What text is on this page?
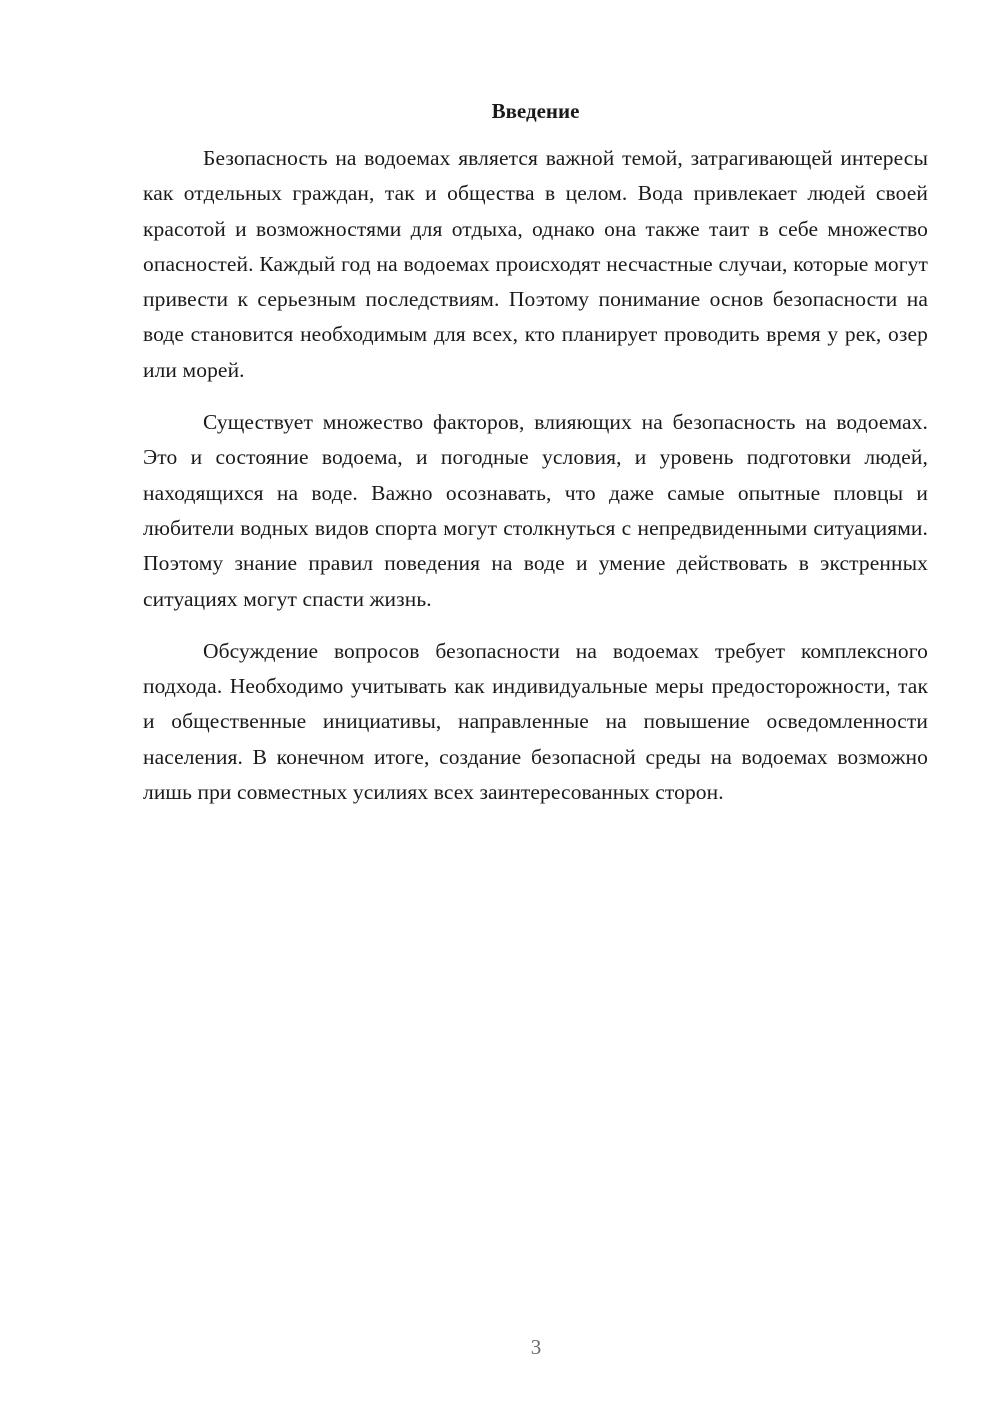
Введение

Безопасность на водоемах является важной темой, затрагивающей интересы как отдельных граждан, так и общества в целом. Вода привлекает людей своей красотой и возможностями для отдыха, однако она также таит в себе множество опасностей. Каждый год на водоемах происходят несчастные случаи, которые могут привести к серьезным последствиям. Поэтому понимание основ безопасности на воде становится необходимым для всех, кто планирует проводить время у рек, озер или морей.

Существует множество факторов, влияющих на безопасность на водоемах. Это и состояние водоема, и погодные условия, и уровень подготовки людей, находящихся на воде. Важно осознавать, что даже самые опытные пловцы и любители водных видов спорта могут столкнуться с непредвиденными ситуациями. Поэтому знание правил поведения на воде и умение действовать в экстренных ситуациях могут спасти жизнь.

Обсуждение вопросов безопасности на водоемах требует комплексного подхода. Необходимо учитывать как индивидуальные меры предосторожности, так и общественные инициативы, направленные на повышение осведомленности населения. В конечном итоге, создание безопасной среды на водоемах возможно лишь при совместных усилиях всех заинтересованных сторон.

3
